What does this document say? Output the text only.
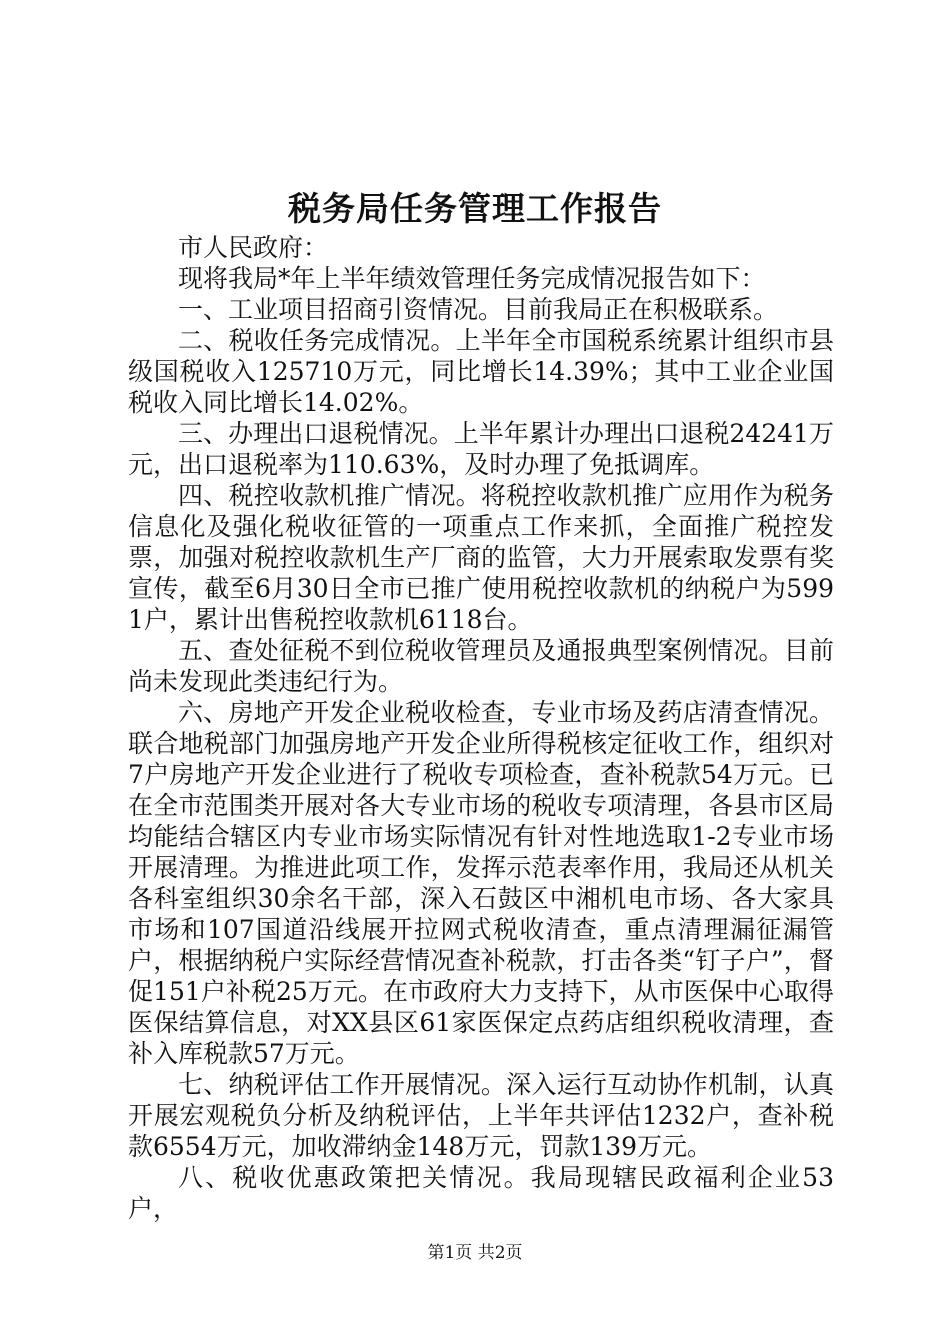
税务局任务管理工作报告

市人民政府：

现将我局*年上半年绩效管理任务完成情况报告如下：

一、工业项目招商引资情况。目前我局正在积极联系。

二、税收任务完成情况。上半年全市国税系统累计组织市县级国税收入125710万元，同比增长14.39%；其中工业企业国税收入同比增长14.02%。

三、办理出口退税情况。上半年累计办理出口退税24241万元，出口退税率为110.63%，及时办理了免抵调库。

四、税控收款机推广情况。将税控收款机推广应用作为税务信息化及强化税收征管的一项重点工作来抓，全面推广税控发票，加强对税控收款机生产厂商的监管，大力开展索取发票有奖宣传，截至6月30日全市已推广使用税控收款机的纳税户为5991户，累计出售税控收款机6118台。

五、查处征税不到位税收管理员及通报典型案例情况。目前尚未发现此类违纪行为。

六、房地产开发企业税收检查，专业市场及药店清查情况。联合地税部门加强房地产开发企业所得税核定征收工作，组织对7户房地产开发企业进行了税收专项检查，查补税款54万元。已在全市范围类开展对各大专业市场的税收专项清理，各县市区局均能结合辖区内专业市场实际情况有针对性地选取1-2专业市场开展清理。为推进此项工作，发挥示范表率作用，我局还从机关各科室组织30余名干部，深入石鼓区中湘机电市场、各大家具市场和107国道沿线展开拉网式税收清查，重点清理漏征漏管户，根据纳税户实际经营情况查补税款，打击各类“钉子户”，督促151户补税25万元。在市政府大力支持下，从市医保中心取得医保结算信息，对XX县区61家医保定点药店组织税收清理，查补入库税款57万元。

七、纳税评估工作开展情况。深入运行互动协作机制，认真开展宏观税负分析及纳税评估，上半年共评估1232户，查补税款6554万元，加收滞纳金148万元，罚款139万元。

八、税收优惠政策把关情况。我局现辖民政福利企业53户，

第1页 共2页
